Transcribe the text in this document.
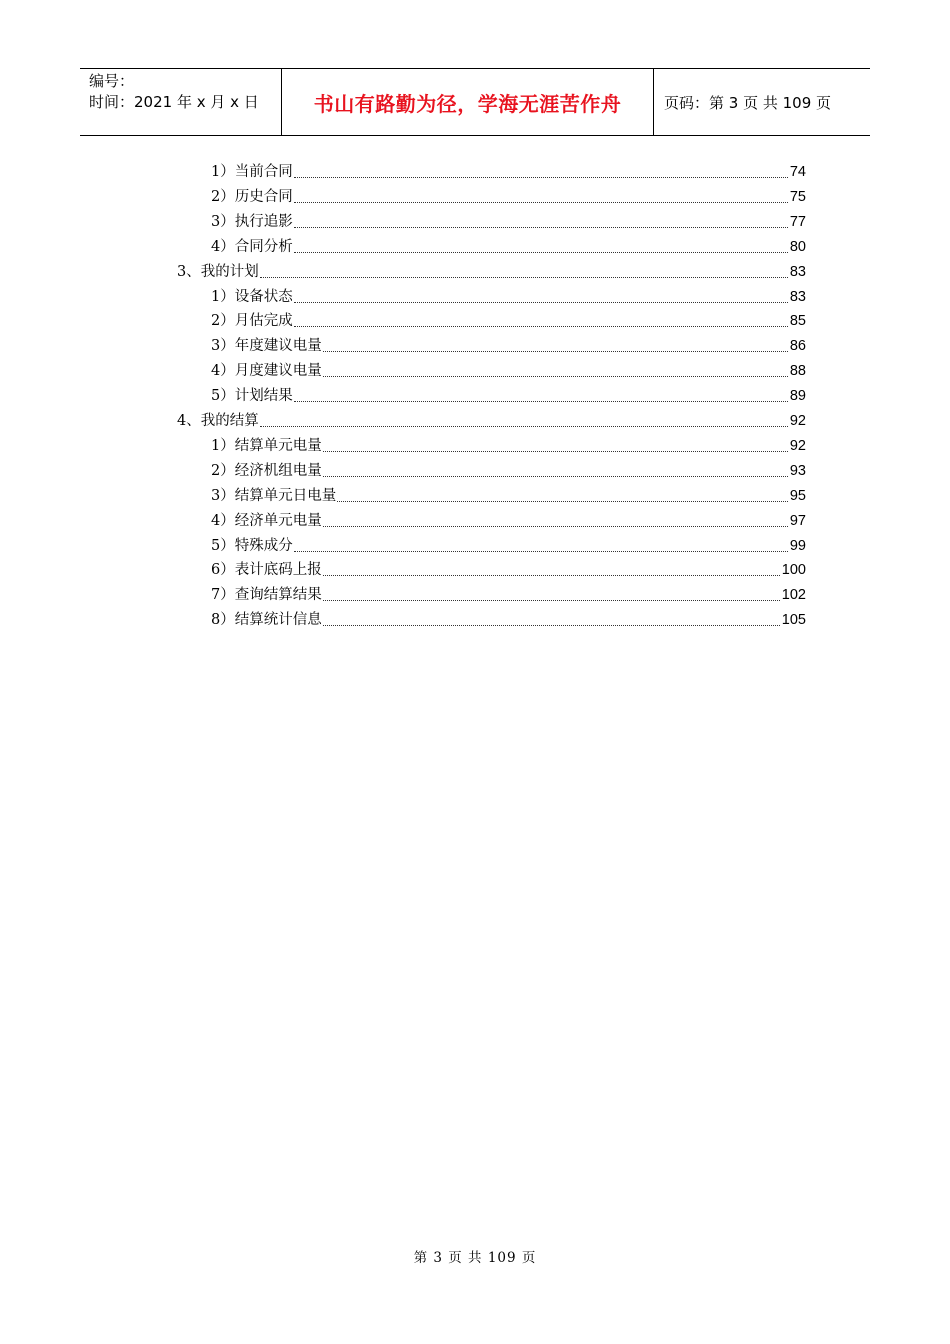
编号：
时间：2021 年 x 月 x 日	书山有路勤为径，学海无涯苦作舟	页码：第 3 页 共 109 页
1）当前合同	74
2）历史合同	75
3）执行追影	77
4）合同分析	80
3、我的计划	83
1）设备状态	83
2）月估完成	85
3）年度建议电量	86
4）月度建议电量	88
5）计划结果	89
4、我的结算	92
1）结算单元电量	92
2）经济机组电量	93
3）结算单元日电量	95
4）经济单元电量	97
5）特殊成分	99
6）表计底码上报	100
7）查询结算结果	102
8）结算统计信息	105
第 3 页 共 109 页
